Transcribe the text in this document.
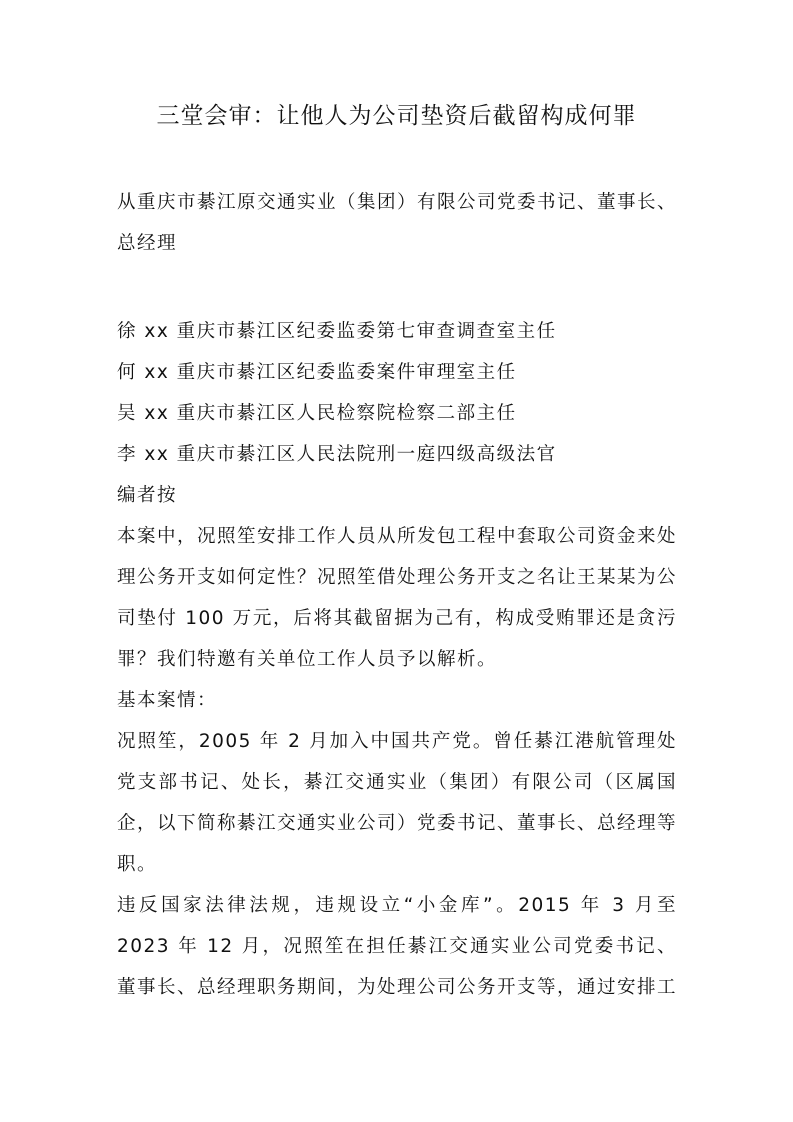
三堂会审：让他人为公司垫资后截留构成何罪

从重庆市綦江原交通实业（集团）有限公司党委书记、董事长、总经理

徐 xx 重庆市綦江区纪委监委第七审查调查室主任

何 xx 重庆市綦江区纪委监委案件审理室主任

吴 xx 重庆市綦江区人民检察院检察二部主任

李 xx 重庆市綦江区人民法院刑一庭四级高级法官

编者按

本案中，况照笙安排工作人员从所发包工程中套取公司资金来处理公务开支如何定性？况照笙借处理公务开支之名让王某某为公司垫付 100 万元，后将其截留据为己有，构成受贿罪还是贪污罪？我们特邀有关单位工作人员予以解析。

基本案情：

况照笙，2005 年 2 月加入中国共产党。曾任綦江港航管理处党支部书记、处长，綦江交通实业（集团）有限公司（区属国企，以下简称綦江交通实业公司）党委书记、董事长、总经理等职。

违反国家法律法规，违规设立“小金库”。2015 年 3 月至 2023 年 12 月，况照笙在担任綦江交通实业公司党委书记、董事长、总经理职务期间，为处理公司公务开支等，通过安排工
